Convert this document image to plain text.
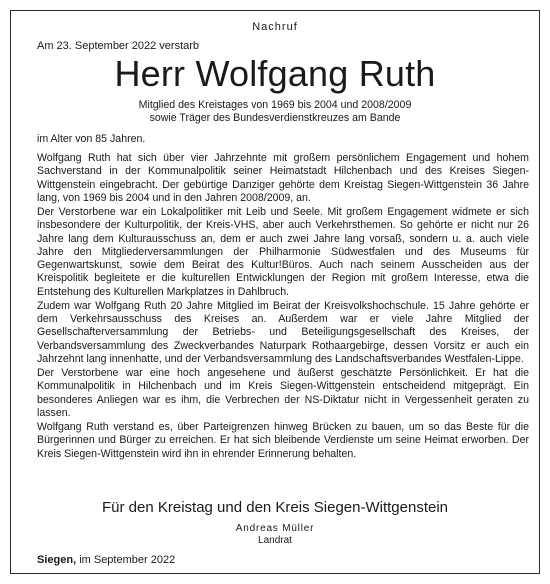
Nachruf
Am 23. September 2022 verstarb
Herr Wolfgang Ruth
Mitglied des Kreistages von 1969 bis 2004 und 2008/2009
sowie Träger des Bundesverdienstkreuzes am Bande
im Alter von 85 Jahren.

Wolfgang Ruth hat sich über vier Jahrzehnte mit großem persönlichem Engagement und hohem Sachverstand in der Kommunalpolitik seiner Heimatstadt Hilchenbach und des Kreises Siegen-Wittgenstein eingebracht. Der gebürtige Danziger gehörte dem Kreistag Siegen-Wittgenstein 36 Jahre lang, von 1969 bis 2004 und in den Jahren 2008/2009, an.

Der Verstorbene war ein Lokalpolitiker mit Leib und Seele. Mit großem Engagement widmete er sich insbesondere der Kulturpolitik, der Kreis-VHS, aber auch Verkehrsthemen. So gehörte er nicht nur 26 Jahre lang dem Kulturausschuss an, dem er auch zwei Jahre lang vorsaß, sondern u. a. auch viele Jahre den Mitgliederversammlungen der Philharmonie Südwestfalen und des Museums für Gegenwartskunst, sowie dem Beirat des Kultur!Büros. Auch nach seinem Ausscheiden aus der Kreispolitik begleitete er die kulturellen Entwicklungen der Region mit großem Interesse, etwa die Entstehung des Kulturellen Markplatzes in Dahlbruch.

Zudem war Wolfgang Ruth 20 Jahre Mitglied im Beirat der Kreisvolkshochschule. 15 Jahre gehörte er dem Verkehrsausschuss des Kreises an. Außerdem war er viele Jahre Mitglied der Gesellschafterversammlung der Betriebs- und Beteiligungsgesellschaft des Kreises, der Verbandsversammlung des Zweckverbandes Naturpark Rothaargebirge, dessen Vorsitz er auch ein Jahrzehnt lang innenhatte, und der Verbandsversammlung des Landschaftsverbandes Westfalen-Lippe.

Der Verstorbene war eine hoch angesehene und äußerst geschätzte Persönlichkeit. Er hat die Kommunalpolitik in Hilchenbach und im Kreis Siegen-Wittgenstein entscheidend mitgeprägt. Ein besonderes Anliegen war es ihm, die Verbrechen der NS-Diktatur nicht in Vergessenheit geraten zu lassen.

Wolfgang Ruth verstand es, über Parteigrenzen hinweg Brücken zu bauen, um so das Beste für die Bürgerinnen und Bürger zu erreichen. Er hat sich bleibende Verdienste um seine Heimat erworben. Der Kreis Siegen-Wittgenstein wird ihn in ehrender Erinnerung behalten.

Für den Kreistag und den Kreis Siegen-Wittgenstein
Andreas Müller
Landrat
Siegen, im September 2022
